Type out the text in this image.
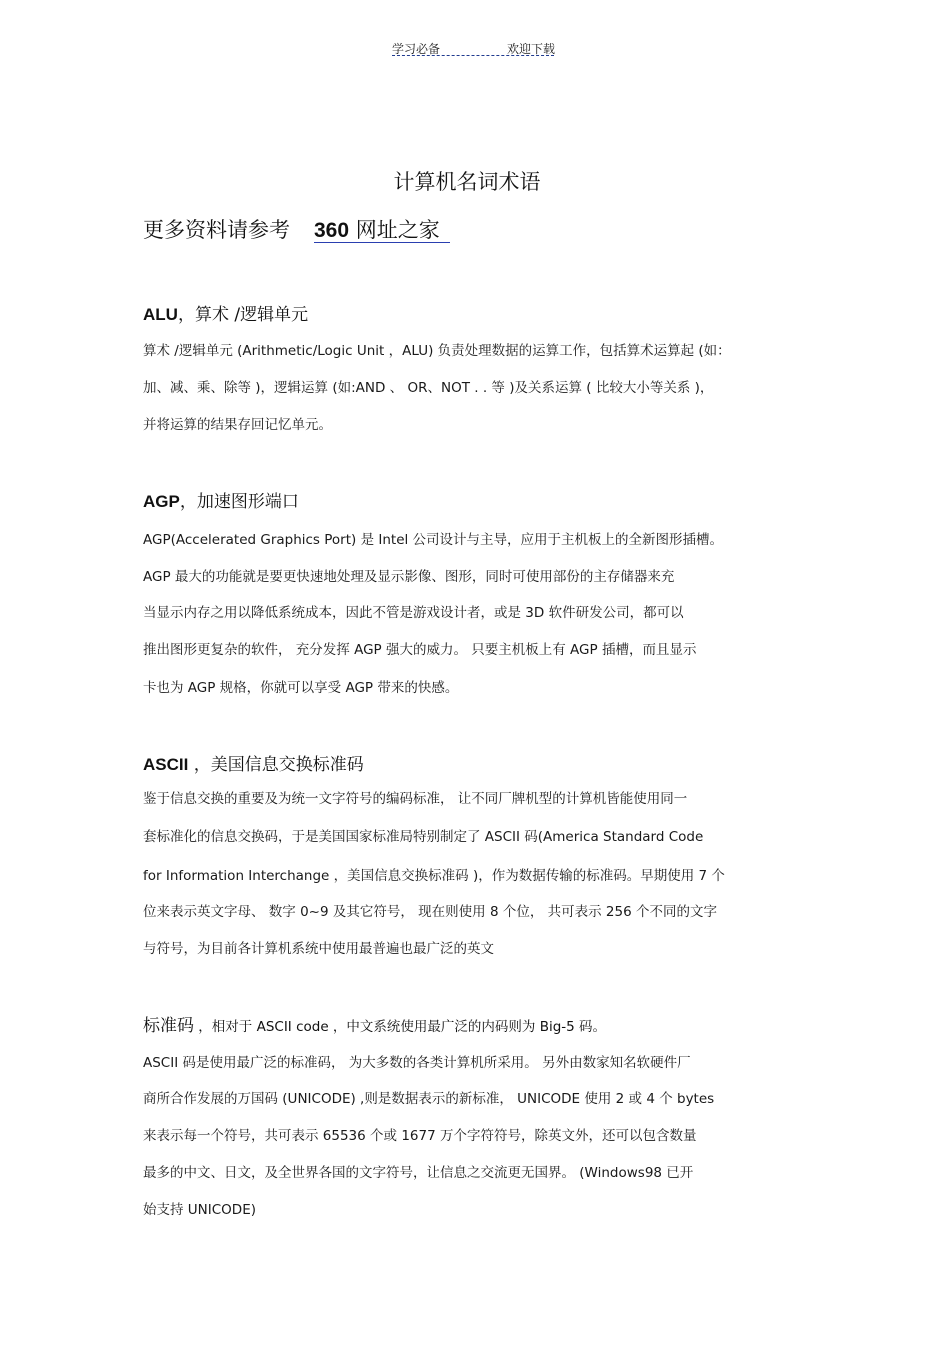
学习必备	欢迎下载
计算机名词术语
更多资料请参考 360 网址之家
ALU，算术 /逻辑单元
算术 /逻辑单元 (Arithmetic/Logic Unit ，ALU) 负责处理数据的运算工作，包括算术运算起 (如：
加、减、乘、除等 )，逻辑运算 (如:AND 、 OR、NOT . . 等 )及关系运算 ( 比较大小等关系 )，
并将运算的结果存回记忆单元。
AGP，加速图形端口
AGP(Accelerated Graphics Port) 是 Intel 公司设计与主导，应用于主机板上的全新图形插槽。
AGP 最大的功能就是要更快速地处理及显示影像、图形，同时可使用部份的主存储器来充
当显示内存之用以降低系统成本，因此不管是游戏设计者，或是 3D 软件研发公司，都可以
推出图形更复杂的软件， 充分发挥 AGP 强大的威力。 只要主机板上有 AGP 插槽，而且显示
卡也为 AGP 规格，你就可以享受 AGP 带来的快感。
ASCII ，美国信息交换标准码
鉴于信息交换的重要及为统一文字符号的编码标准， 让不同厂牌机型的计算机皆能使用同一
套标准化的信息交换码，于是美国国家标准局特别制定了 ASCII 码(America Standard Code
for Information Interchange ，美国信息交换标准码 )，作为数据传输的标准码。早期使用 7 个
位来表示英文字母、 数字 0~9 及其它符号， 现在则使用 8 个位， 共可表示 256 个不同的文字
与符号，为目前各计算机系统中使用最普遍也最广泛的英文
标准码 ，相对于 ASCII code ，中文系统使用最广泛的内码则为 Big-5 码。
ASCII 码是使用最广泛的标准码， 为大多数的各类计算机所采用。 另外由数家知名软硬件厂
商所合作发展的万国码 (UNICODE) ,则是数据表示的新标准， UNICODE 使用 2 或 4 个 bytes
来表示每一个符号，共可表示 65536 个或 1677 万个字符符号，除英文外，还可以包含数量
最多的中文、日文，及全世界各国的文字符号，让信息之交流更无国界。 (Windows98 已开
始支持 UNICODE)
